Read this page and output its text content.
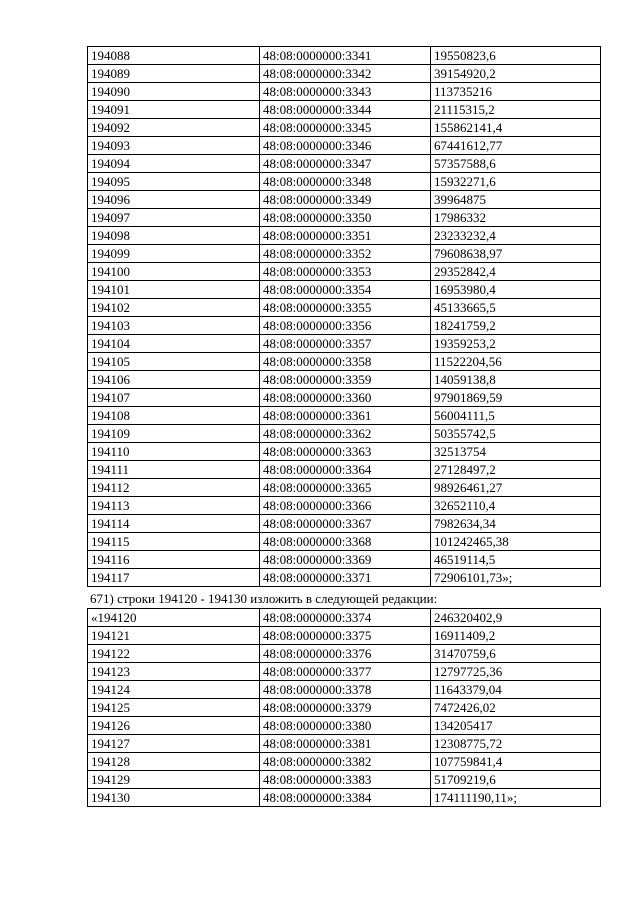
194088	48:08:0000000:3341	19550823,6
194089	48:08:0000000:3342	39154920,2
194090	48:08:0000000:3343	113735216
194091	48:08:0000000:3344	21115315,2
194092	48:08:0000000:3345	155862141,4
194093	48:08:0000000:3346	67441612,77
194094	48:08:0000000:3347	57357588,6
194095	48:08:0000000:3348	15932271,6
194096	48:08:0000000:3349	39964875
194097	48:08:0000000:3350	17986332
194098	48:08:0000000:3351	23233232,4
194099	48:08:0000000:3352	79608638,97
194100	48:08:0000000:3353	29352842,4
194101	48:08:0000000:3354	16953980,4
194102	48:08:0000000:3355	45133665,5
194103	48:08:0000000:3356	18241759,2
194104	48:08:0000000:3357	19359253,2
194105	48:08:0000000:3358	11522204,56
194106	48:08:0000000:3359	14059138,8
194107	48:08:0000000:3360	97901869,59
194108	48:08:0000000:3361	56004111,5
194109	48:08:0000000:3362	50355742,5
194110	48:08:0000000:3363	32513754
194111	48:08:0000000:3364	27128497,2
194112	48:08:0000000:3365	98926461,27
194113	48:08:0000000:3366	32652110,4
194114	48:08:0000000:3367	7982634,34
194115	48:08:0000000:3368	101242465,38
194116	48:08:0000000:3369	46519114,5
194117	48:08:0000000:3371	72906101,73»;
671) строки 194120 - 194130 изложить в следующей редакции:
«194120	48:08:0000000:3374	246320402,9
194121	48:08:0000000:3375	16911409,2
194122	48:08:0000000:3376	31470759,6
194123	48:08:0000000:3377	12797725,36
194124	48:08:0000000:3378	11643379,04
194125	48:08:0000000:3379	7472426,02
194126	48:08:0000000:3380	134205417
194127	48:08:0000000:3381	12308775,72
194128	48:08:0000000:3382	107759841,4
194129	48:08:0000000:3383	51709219,6
194130	48:08:0000000:3384	174111190,11»;
